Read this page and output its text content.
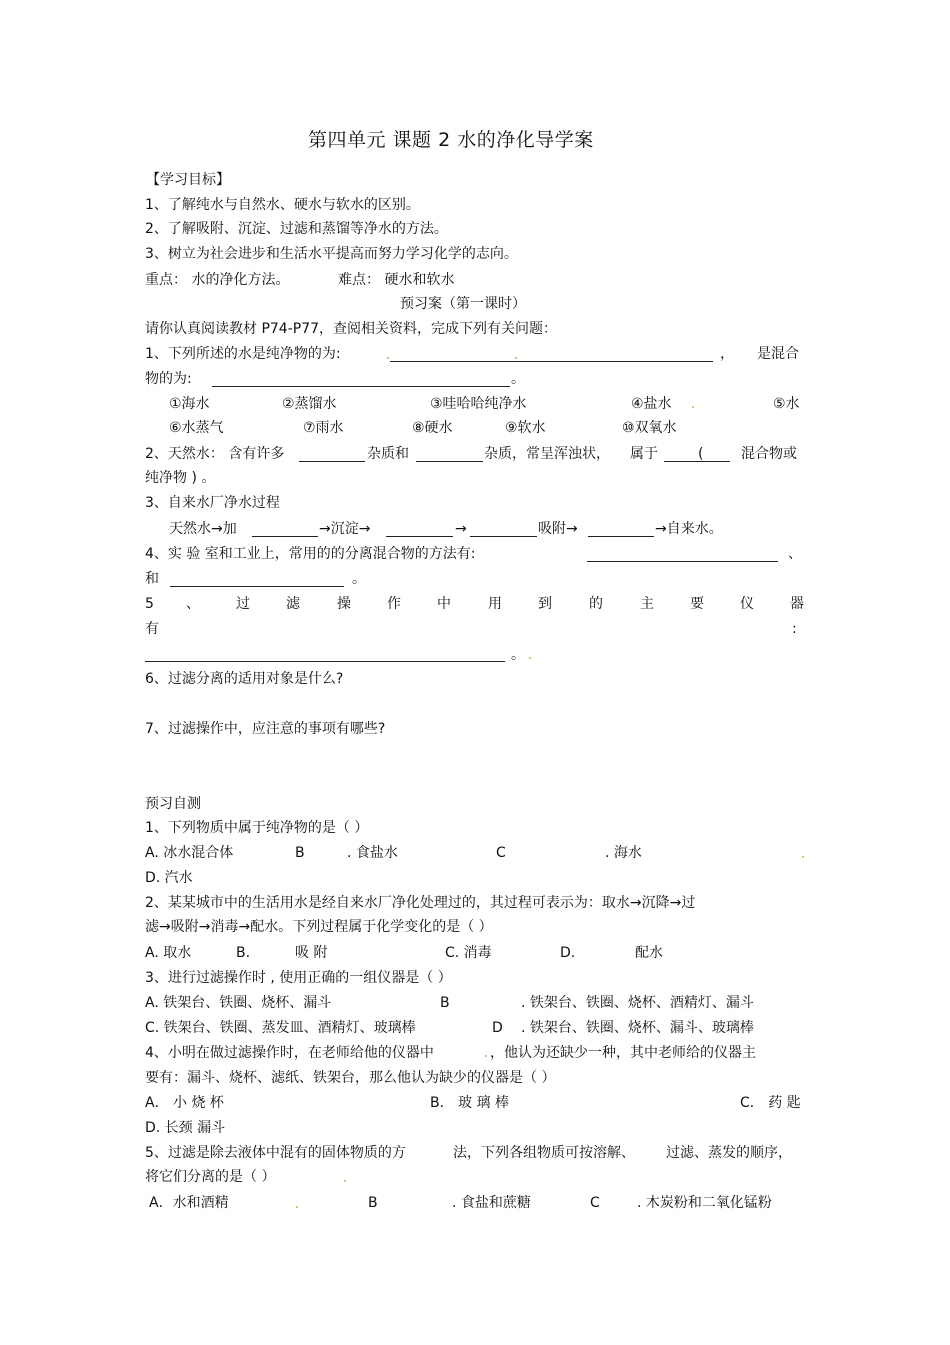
第四单元 课题 2 水的净化导学案
【学习目标】
1、了解纯水与自然水、硬水与软水的区别。
2、了解吸附、沉淀、过滤和蒸馏等净水的方法。
3、树立为社会进步和生活水平提高而努力学习化学的志向。
重点： 水的净化方法。	难点： 硬水和软水
预习案（第一课时）
请你认真阅读教材 P74-P77，查阅相关资料，完成下列有关问题：
1、下列所述的水是纯净物的为:	， 是混合
物的为:	。
①海水	②蒸馏水	③哇哈哈纯净水	④盐水	⑤水
⑥水蒸气	⑦雨水	⑧硬水	⑨软水	⑩双氧水
2、天然水： 含有许多	杂质和	杂质，常呈浑浊状， 属于	(	混合物或
纯净物 ) 。
3、自来水厂净水过程
天然水→加	→沉淀→	→	吸附→	→自来水。
4、实 验 室和工业上，常用的的分离混合物的方法有:	、
和	。
5 、	过	滤	操	作	中	用	到	的	主	要	仪	器
有	:
。
6、过滤分离的适用对象是什么?
7、过滤操作中，应注意的事项有哪些?
预习自测
1、下列物质中属于纯净物的是（ ）
A. 冰水混合体	B	. 食盐水	C	. 海水
D. 汽水
2、某某城市中的生活用水是经自来水厂净化处理过的，其过程可表示为：取水→沉降→过
滤→吸附→消毒→配水。下列过程属于化学变化的是（ ）
A. 取水	B.	吸 附	C. 消毒	D.	配水
3、进行过滤操作时 , 使用正确的一组仪器是（ ）
A. 铁架台、铁圈、烧杯、漏斗	B	. 铁架台、铁圈、烧杯、酒精灯、漏斗
C. 铁架台、铁圈、蒸发皿、酒精灯、玻璃棒	D . 铁架台、铁圈、烧杯、漏斗、玻璃棒
4、小明在做过滤操作时，在老师给他的仪器中	，他认为还缺少一种，其中老师给的仪器主
要有：漏斗、烧杯、滤纸、铁架台，那么他认为缺少的仪器是（ ）
A． 小 烧 杯	B． 玻 璃 棒	C． 药 匙
D. 长颈 漏斗
5、过滤是除去液体中混有的固体物质的方	法，下列各组物质可按溶解、 过滤、蒸发的顺序，
将它们分离的是（ ）
A．水和酒精	B	. 食盐和蔗糖	C	. 木炭粉和二氧化锰粉
